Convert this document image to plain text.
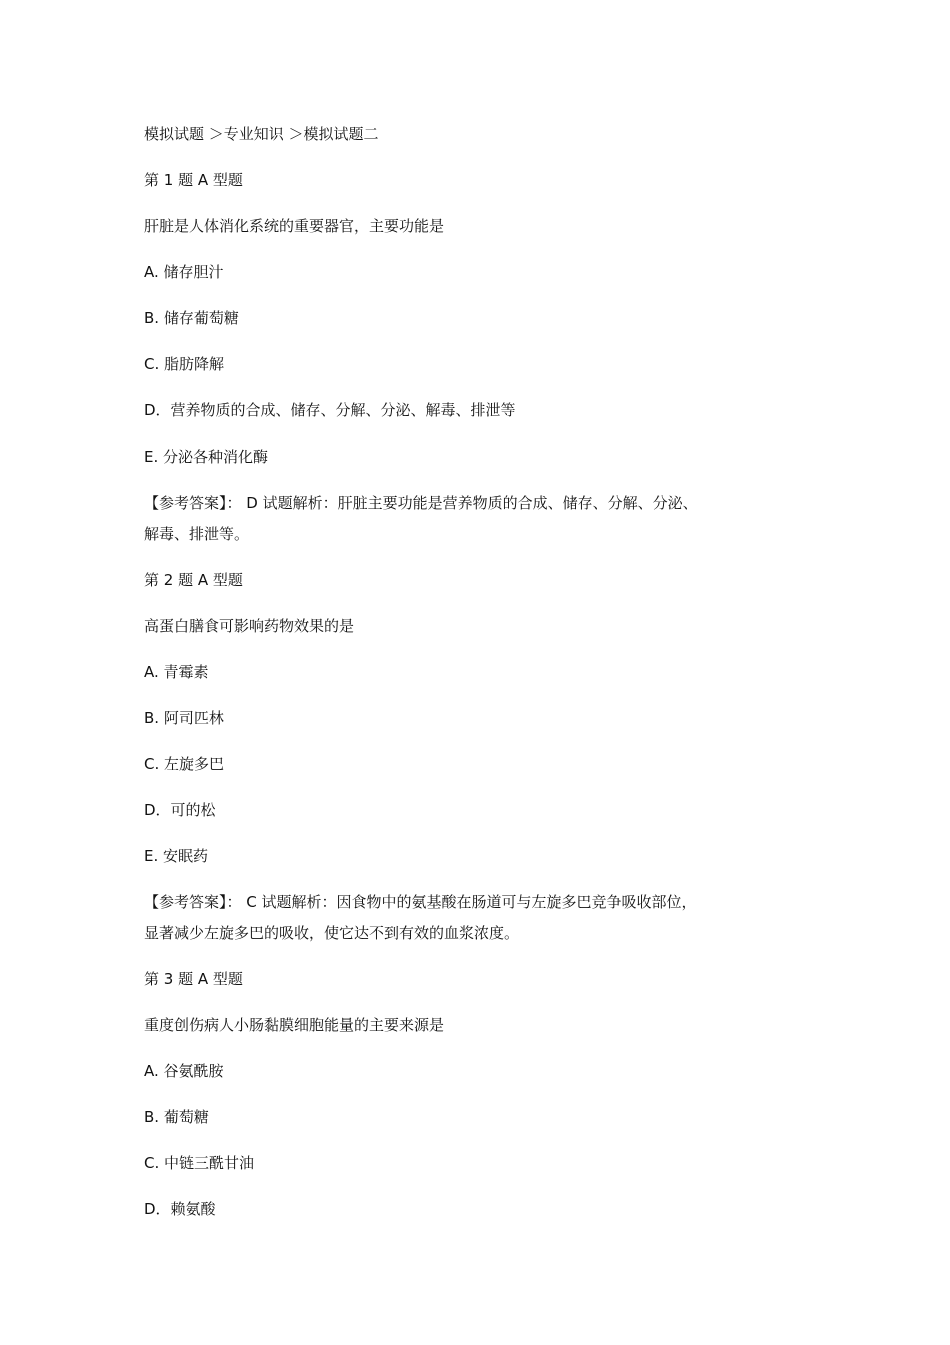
模拟试题 ＞专业知识 ＞模拟试题二
第 1 题 A 型题
肝脏是人体消化系统的重要器官，主要功能是
A. 储存胆汁
B. 储存葡萄糖
C. 脂肪降解
D．营养物质的合成、储存、分解、分泌、解毒、排泄等
E. 分泌各种消化酶
【参考答案】： D 试题解析：肝脏主要功能是营养物质的合成、储存、分解、分泌、
解毒、排泄等。
第 2 题 A 型题
高蛋白膳食可影响药物效果的是
A. 青霉素
B. 阿司匹林
C. 左旋多巴
D．可的松
E. 安眠药
【参考答案】： C 试题解析：因食物中的氨基酸在肠道可与左旋多巴竞争吸收部位，
显著减少左旋多巴的吸收，使它达不到有效的血浆浓度。
第 3 题 A 型题
重度创伤病人小肠黏膜细胞能量的主要来源是
A. 谷氨酰胺
B. 葡萄糖
C. 中链三酰甘油
D．赖氨酸
